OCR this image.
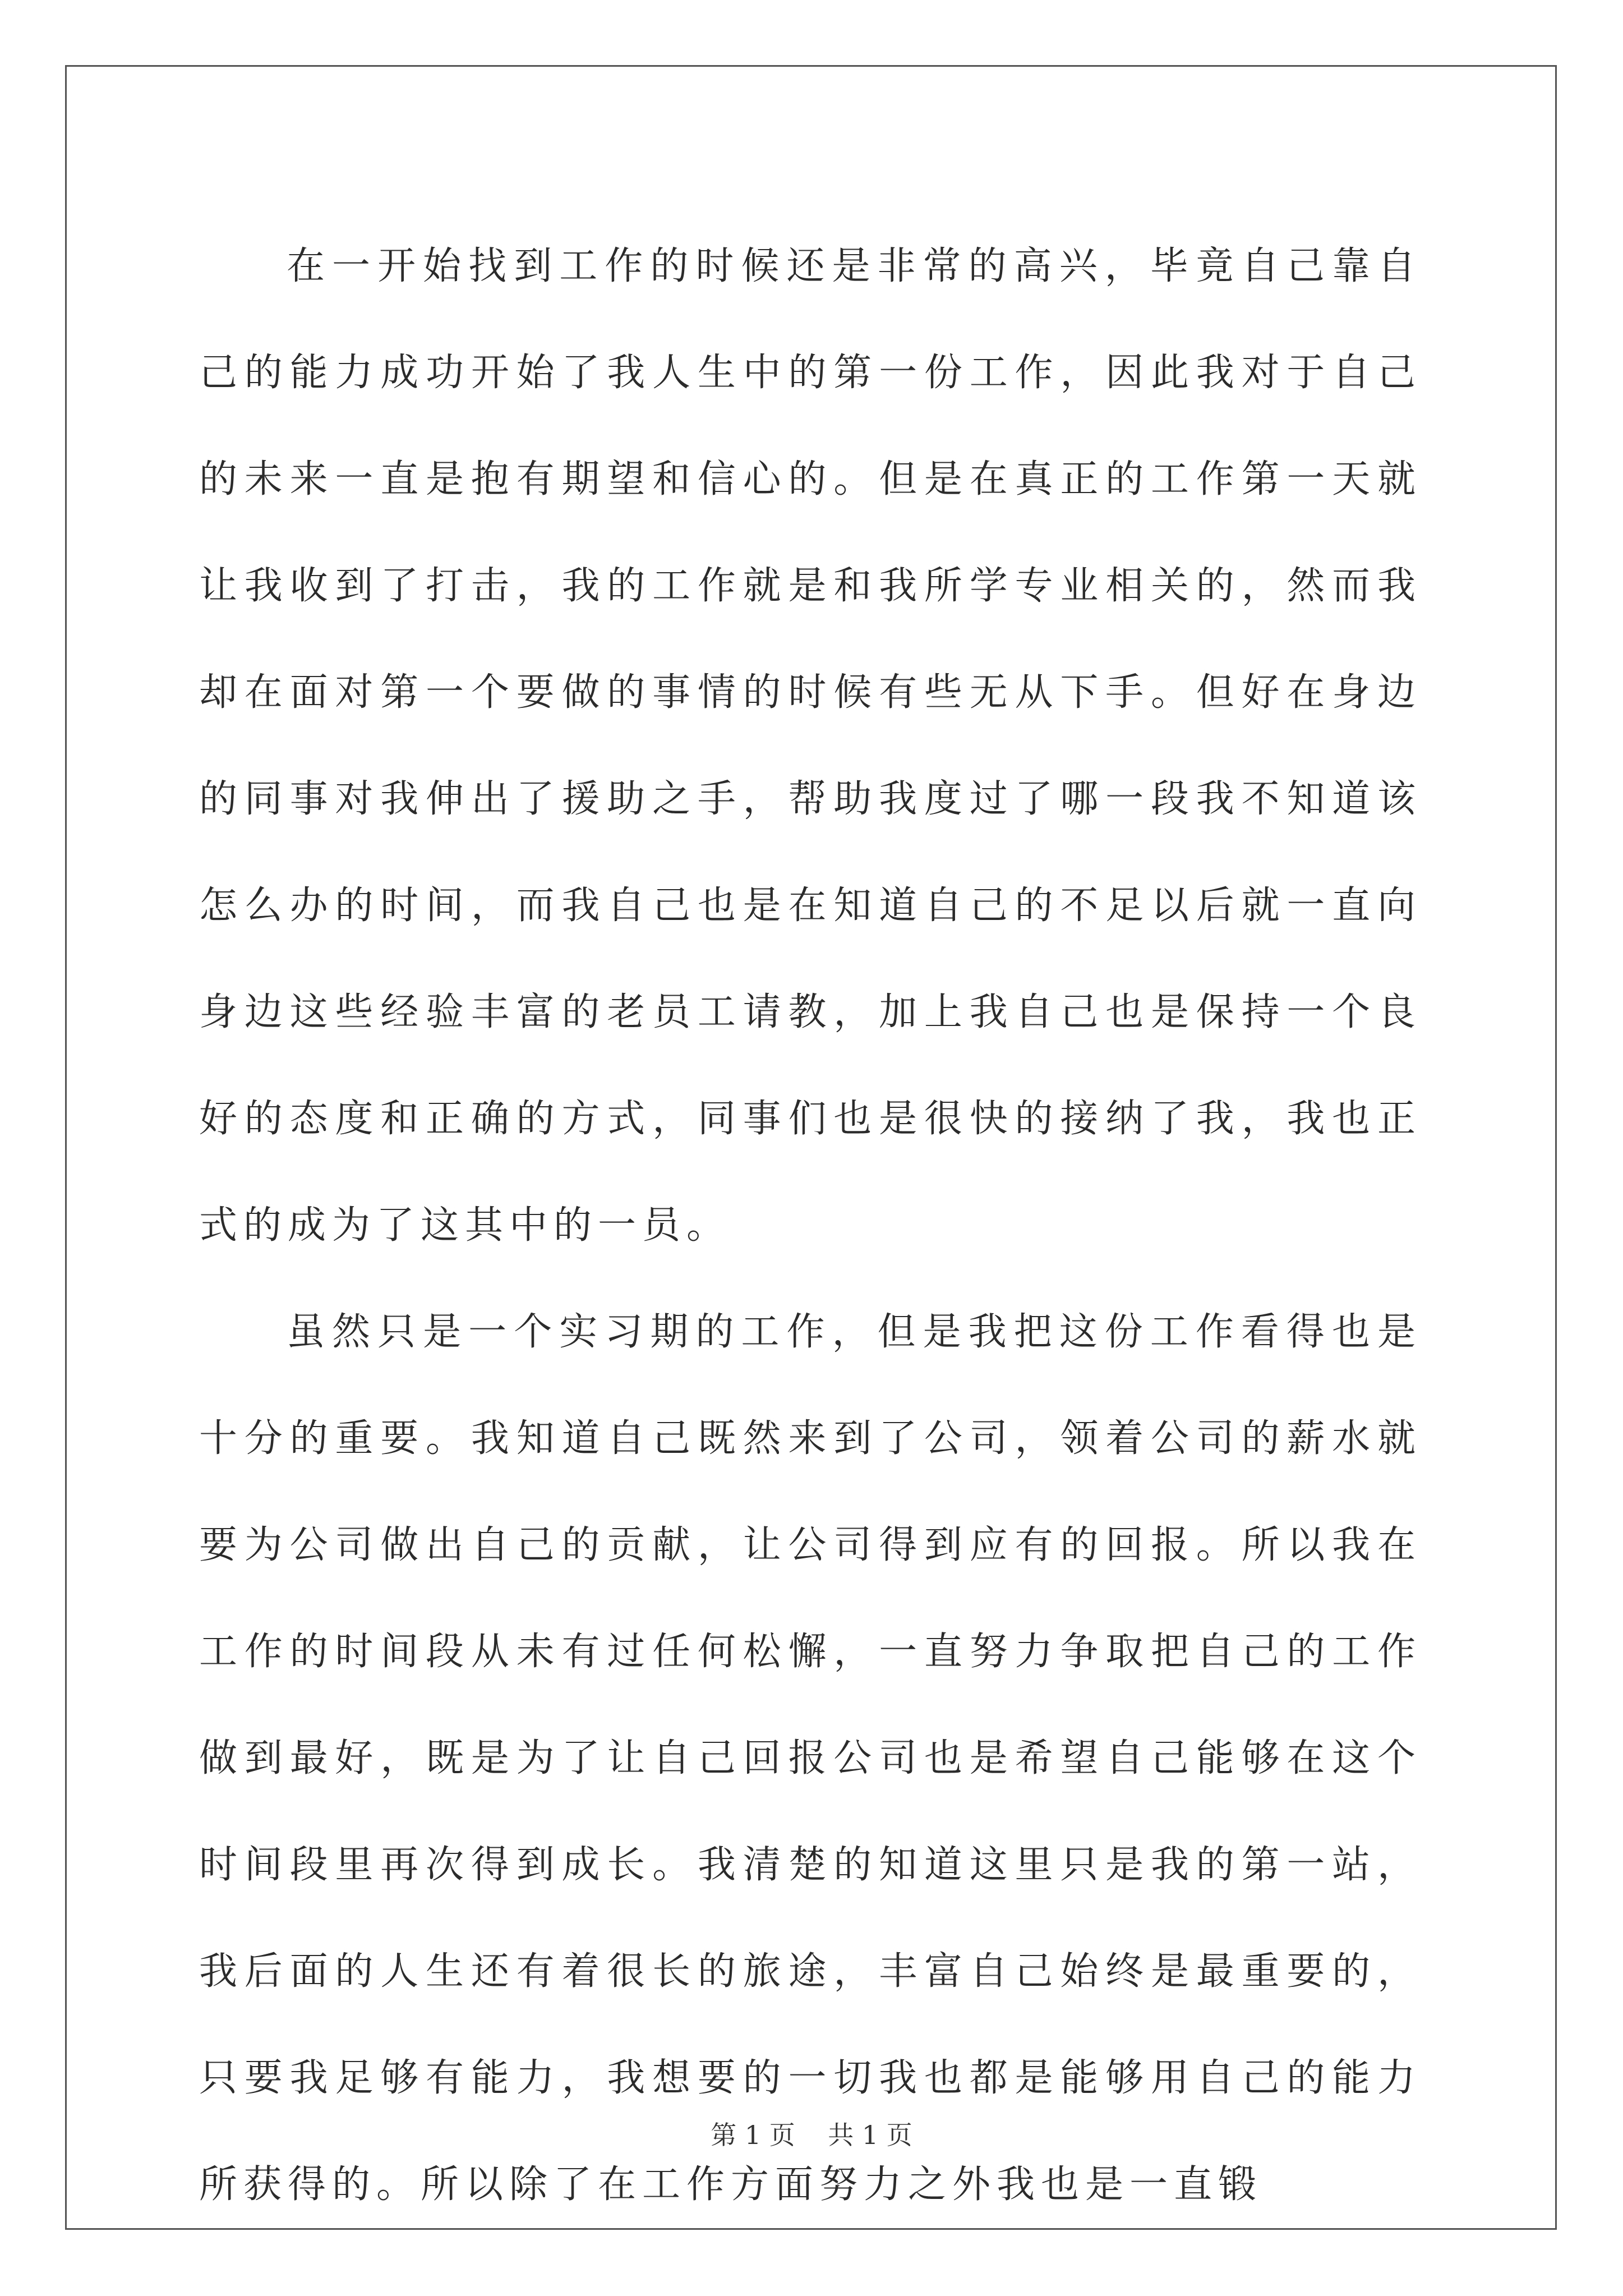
在一开始找到工作的时候还是非常的高兴，毕竟自己靠自己的能力成功开始了我人生中的第一份工作，因此我对于自己的未来一直是抱有期望和信心的。但是在真正的工作第一天就让我收到了打击，我的工作就是和我所学专业相关的，然而我却在面对第一个要做的事情的时候有些无从下手。但好在身边的同事对我伸出了援助之手，帮助我度过了哪一段我不知道该怎么办的时间，而我自己也是在知道自己的不足以后就一直向身边这些经验丰富的老员工请教，加上我自己也是保持一个良好的态度和正确的方式，同事们也是很快的接纳了我，我也正式的成为了这其中的一员。

虽然只是一个实习期的工作，但是我把这份工作看得也是十分的重要。我知道自己既然来到了公司，领着公司的薪水就要为公司做出自己的贡献，让公司得到应有的回报。所以我在工作的时间段从未有过任何松懈，一直努力争取把自己的工作做到最好，既是为了让自己回报公司也是希望自己能够在这个时间段里再次得到成长。我清楚的知道这里只是我的第一站，我后面的人生还有着很长的旅途，丰富自己始终是最重要的，只要我足够有能力，我想要的一切我也都是能够用自己的能力所获得的。所以除了在工作方面努力之外我也是一直锻

第 1 页    共 1 页
